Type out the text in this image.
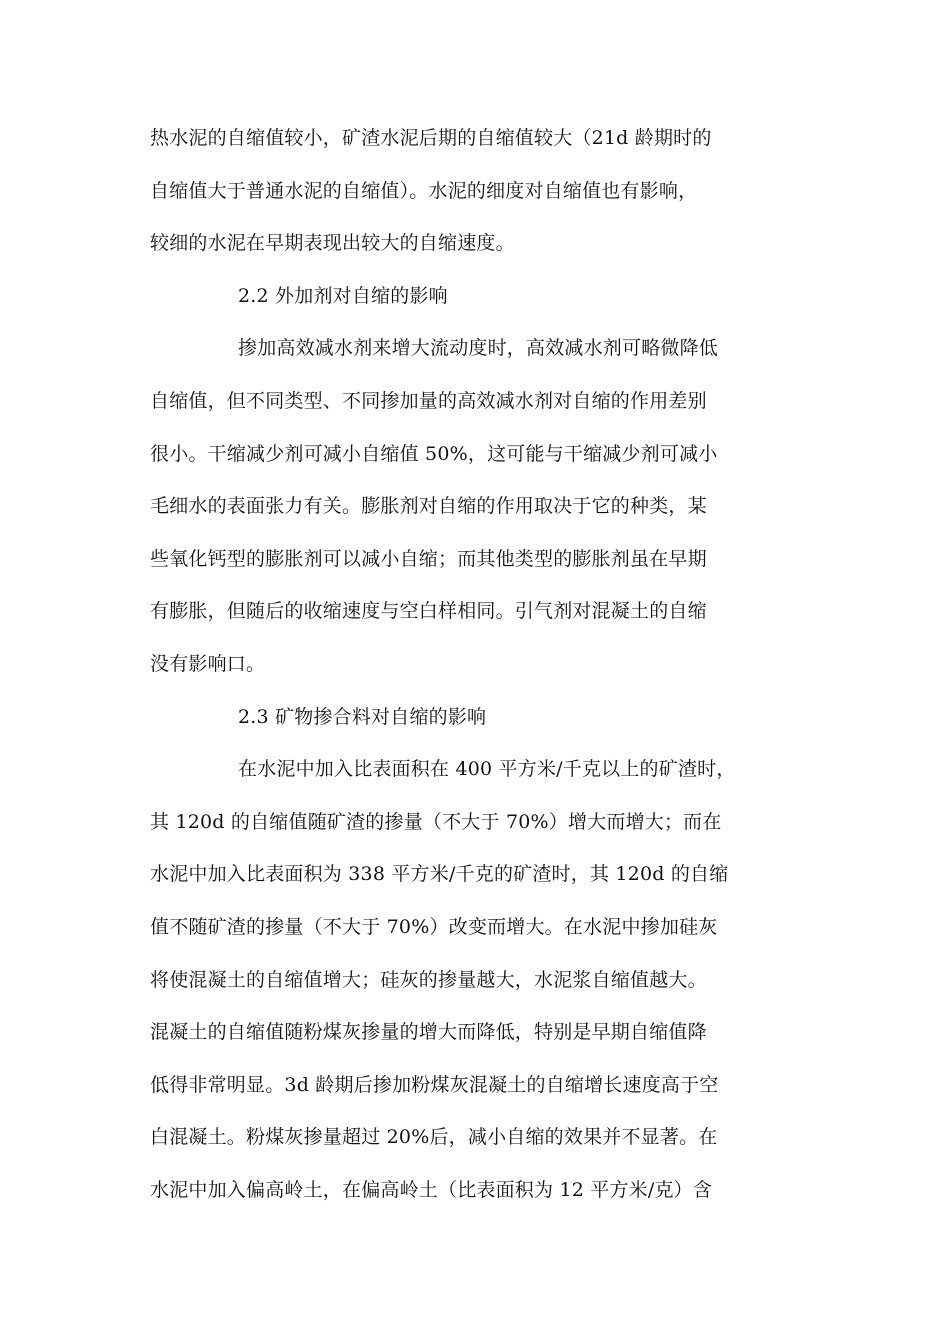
热水泥的自缩值较小，矿渣水泥后期的自缩值较大（21d 龄期时的
自缩值大于普通水泥的自缩值）。水泥的细度对自缩值也有影响，
较细的水泥在早期表现出较大的自缩速度。
2.2 外加剂对自缩的影响
掺加高效减水剂来增大流动度时，高效减水剂可略微降低
自缩值，但不同类型、不同掺加量的高效减水剂对自缩的作用差别
很小。干缩减少剂可减小自缩值 50%，这可能与干缩减少剂可减小
毛细水的表面张力有关。膨胀剂对自缩的作用取决于它的种类，某
些氧化钙型的膨胀剂可以减小自缩；而其他类型的膨胀剂虽在早期
有膨胀，但随后的收缩速度与空白样相同。引气剂对混凝土的自缩
没有影响口。
2.3 矿物掺合料对自缩的影响
在水泥中加入比表面积在 400 平方米/千克以上的矿渣时，
其 120d 的自缩值随矿渣的掺量（不大于 70%）增大而增大；而在
水泥中加入比表面积为 338 平方米/千克的矿渣时，其 120d 的自缩
值不随矿渣的掺量（不大于 70%）改变而增大。在水泥中掺加硅灰
将使混凝土的自缩值增大；硅灰的掺量越大，水泥浆自缩值越大。
混凝土的自缩值随粉煤灰掺量的增大而降低，特别是早期自缩值降
低得非常明显。3d 龄期后掺加粉煤灰混凝土的自缩增长速度高于空
白混凝土。粉煤灰掺量超过 20%后，减小自缩的效果并不显著。在
水泥中加入偏高岭土，在偏高岭土（比表面积为 12 平方米/克）含
